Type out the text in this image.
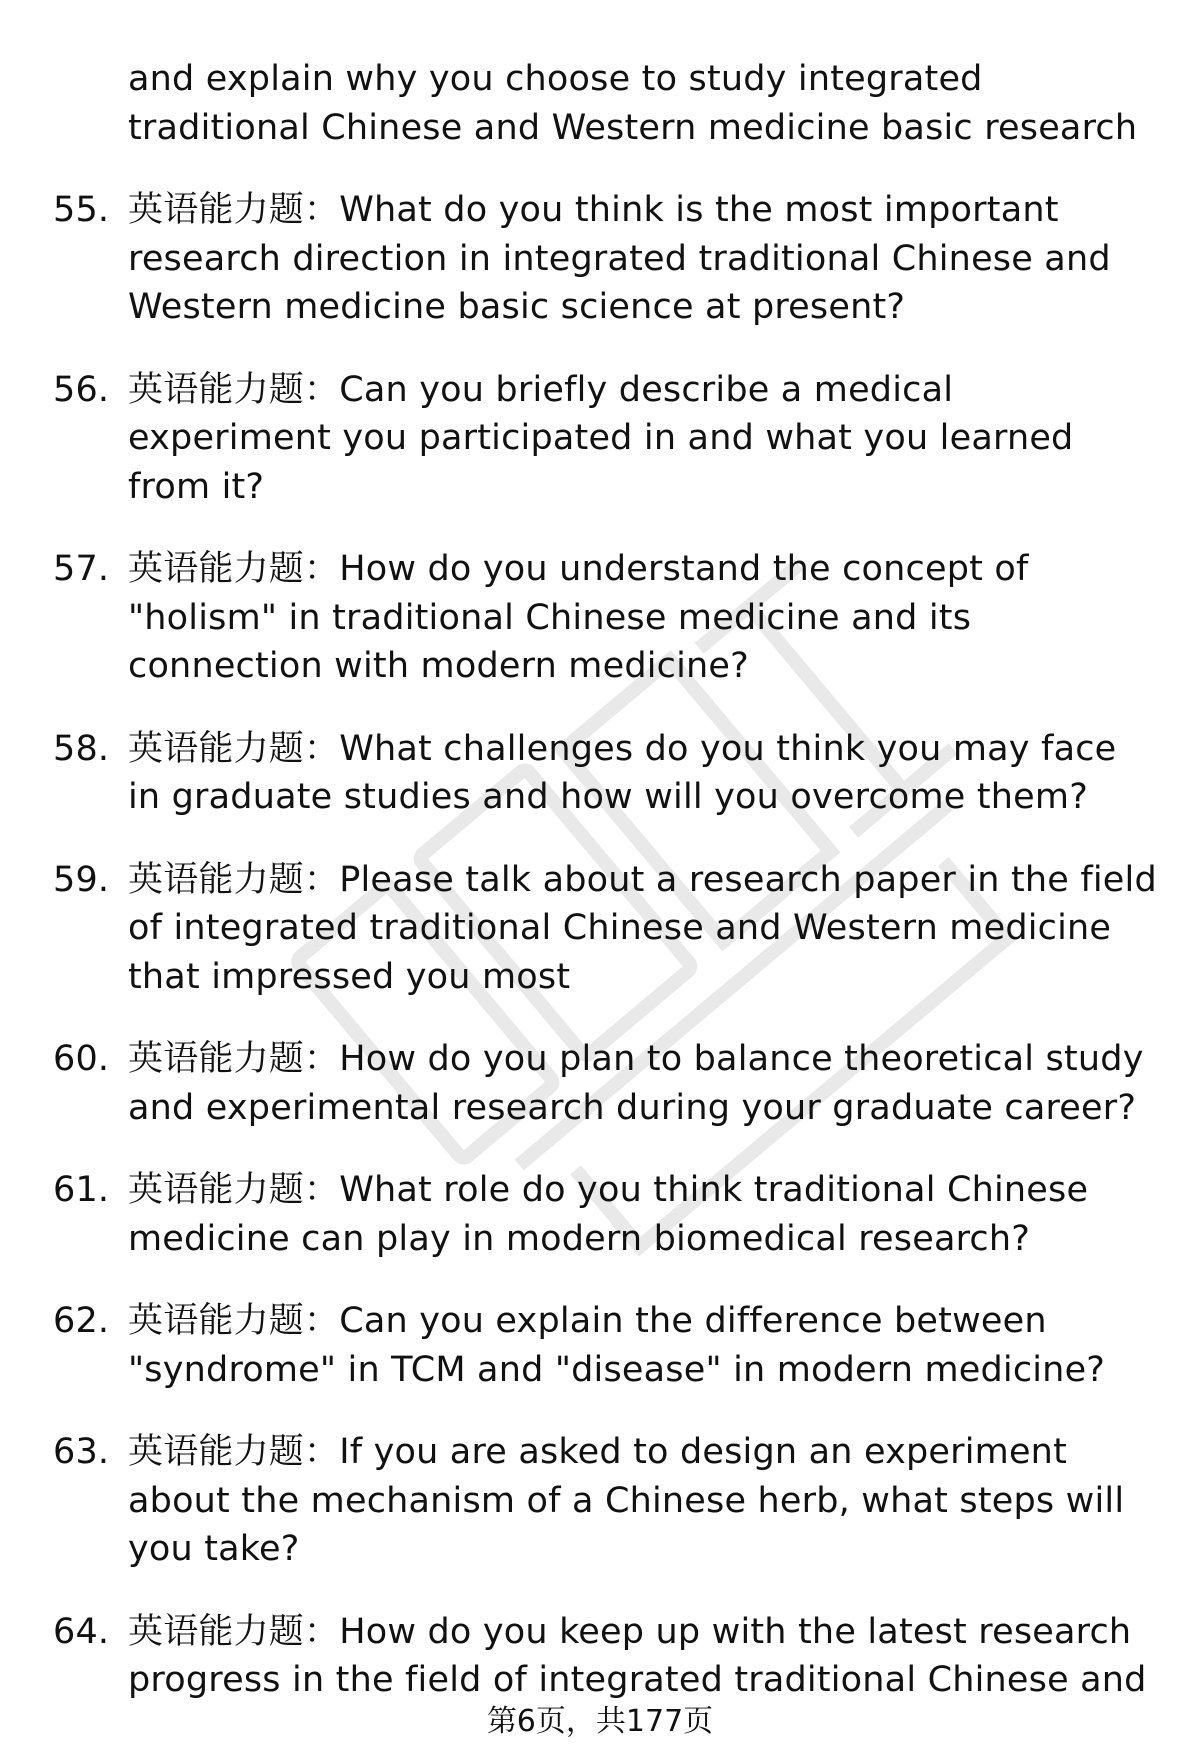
and explain why you choose to study integrated traditional Chinese and Western medicine basic research
55. 英语能力题：What do you think is the most important research direction in integrated traditional Chinese and Western medicine basic science at present?
56. 英语能力题：Can you briefly describe a medical experiment you participated in and what you learned from it?
57. 英语能力题：How do you understand the concept of "holism" in traditional Chinese medicine and its connection with modern medicine?
58. 英语能力题：What challenges do you think you may face in graduate studies and how will you overcome them?
59. 英语能力题：Please talk about a research paper in the field of integrated traditional Chinese and Western medicine that impressed you most
60. 英语能力题：How do you plan to balance theoretical study and experimental research during your graduate career?
61. 英语能力题：What role do you think traditional Chinese medicine can play in modern biomedical research?
62. 英语能力题：Can you explain the difference between "syndrome" in TCM and "disease" in modern medicine?
63. 英语能力题：If you are asked to design an experiment about the mechanism of a Chinese herb, what steps will you take?
64. 英语能力题：How do you keep up with the latest research progress in the field of integrated traditional Chinese and
第6页，共177页
